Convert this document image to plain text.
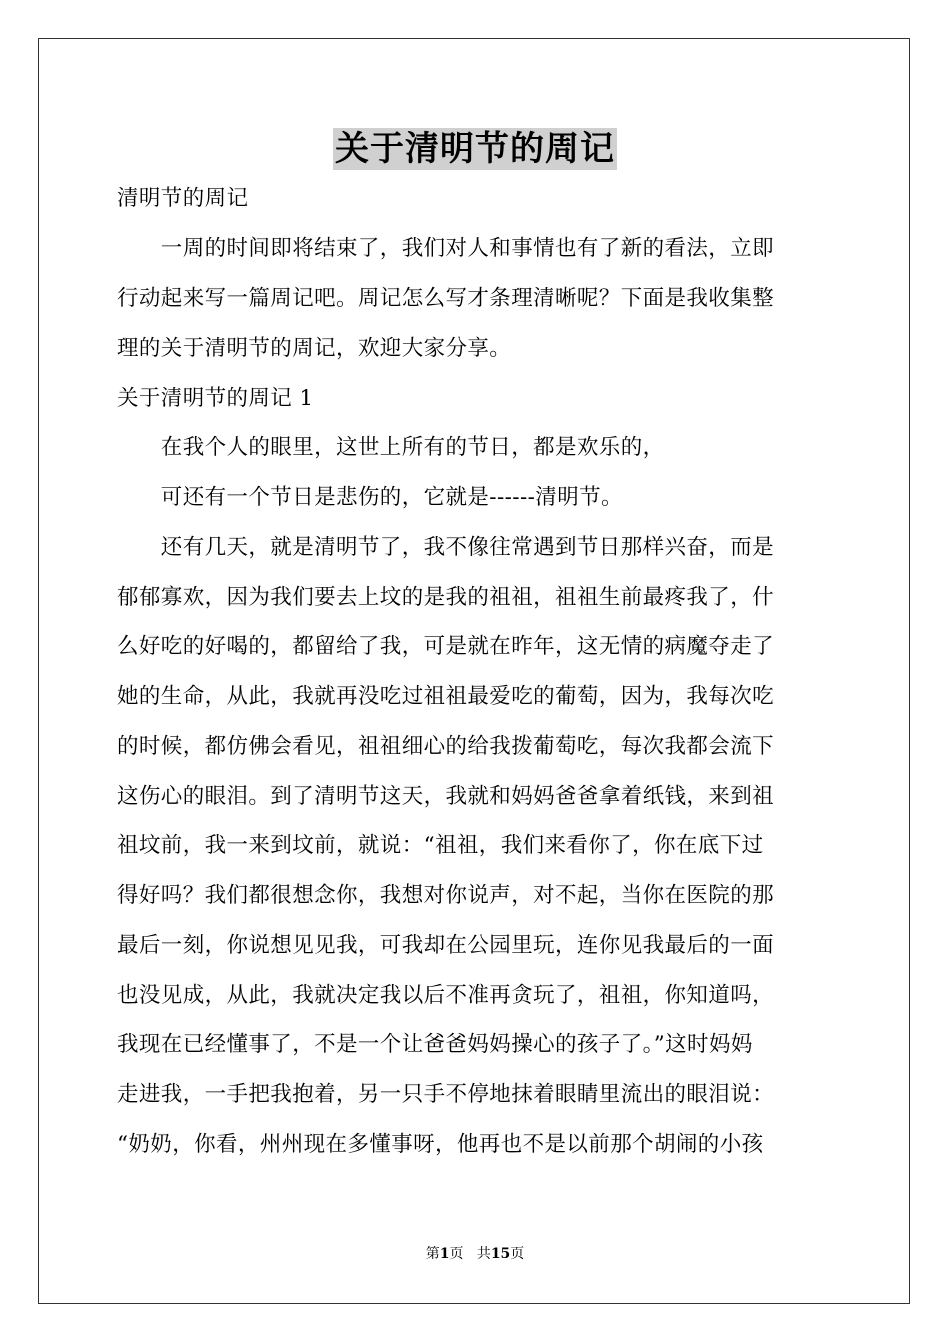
关于清明节的周记
清明节的周记
　　一周的时间即将结束了，我们对人和事情也有了新的看法，立即
行动起来写一篇周记吧。周记怎么写才条理清晰呢？下面是我收集整
理的关于清明节的周记，欢迎大家分享。
关于清明节的周记 1
　　在我个人的眼里，这世上所有的节日，都是欢乐的，
　　可还有一个节日是悲伤的，它就是------清明节。
　　还有几天，就是清明节了，我不像往常遇到节日那样兴奋，而是
郁郁寡欢，因为我们要去上坟的是我的祖祖，祖祖生前最疼我了，什
么好吃的好喝的，都留给了我，可是就在昨年，这无情的病魔夺走了
她的生命，从此，我就再没吃过祖祖最爱吃的葡萄，因为，我每次吃
的时候，都仿佛会看见，祖祖细心的给我拨葡萄吃，每次我都会流下
这伤心的眼泪。到了清明节这天，我就和妈妈爸爸拿着纸钱，来到祖
祖坟前，我一来到坟前，就说：“祖祖，我们来看你了，你在底下过
得好吗？我们都很想念你，我想对你说声，对不起，当你在医院的那
最后一刻，你说想见见我，可我却在公园里玩，连你见我最后的一面
也没见成，从此，我就决定我以后不准再贪玩了，祖祖，你知道吗，
我现在已经懂事了，不是一个让爸爸妈妈操心的孩子了。”这时妈妈
走进我，一手把我抱着，另一只手不停地抹着眼睛里流出的眼泪说：
“奶奶，你看，州州现在多懂事呀，他再也不是以前那个胡闹的小孩
第1页 共15页
